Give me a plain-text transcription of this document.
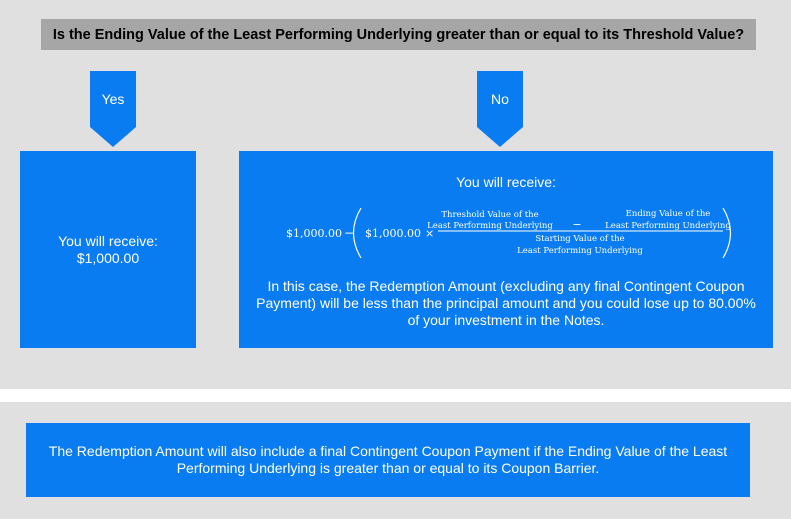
Is the Ending Value of the Least Performing Underlying greater than or equal to its Threshold Value?
Yes	No
You will receive:
$1,000.00
You will receive:
$1,000.00 − $1,000.00 ×
Threshold Value of the
Least Performing Underlying −
Ending Value of the
Least Performing Underlying
Starting Value of the
Least Performing Underlying
In this case, the Redemption Amount (excluding any final Contingent Coupon Payment) will be less than the principal amount and you could lose up to 80.00% of your investment in the Notes.
The Redemption Amount will also include a final Contingent Coupon Payment if the Ending Value of the Least Performing Underlying is greater than or equal to its Coupon Barrier.
